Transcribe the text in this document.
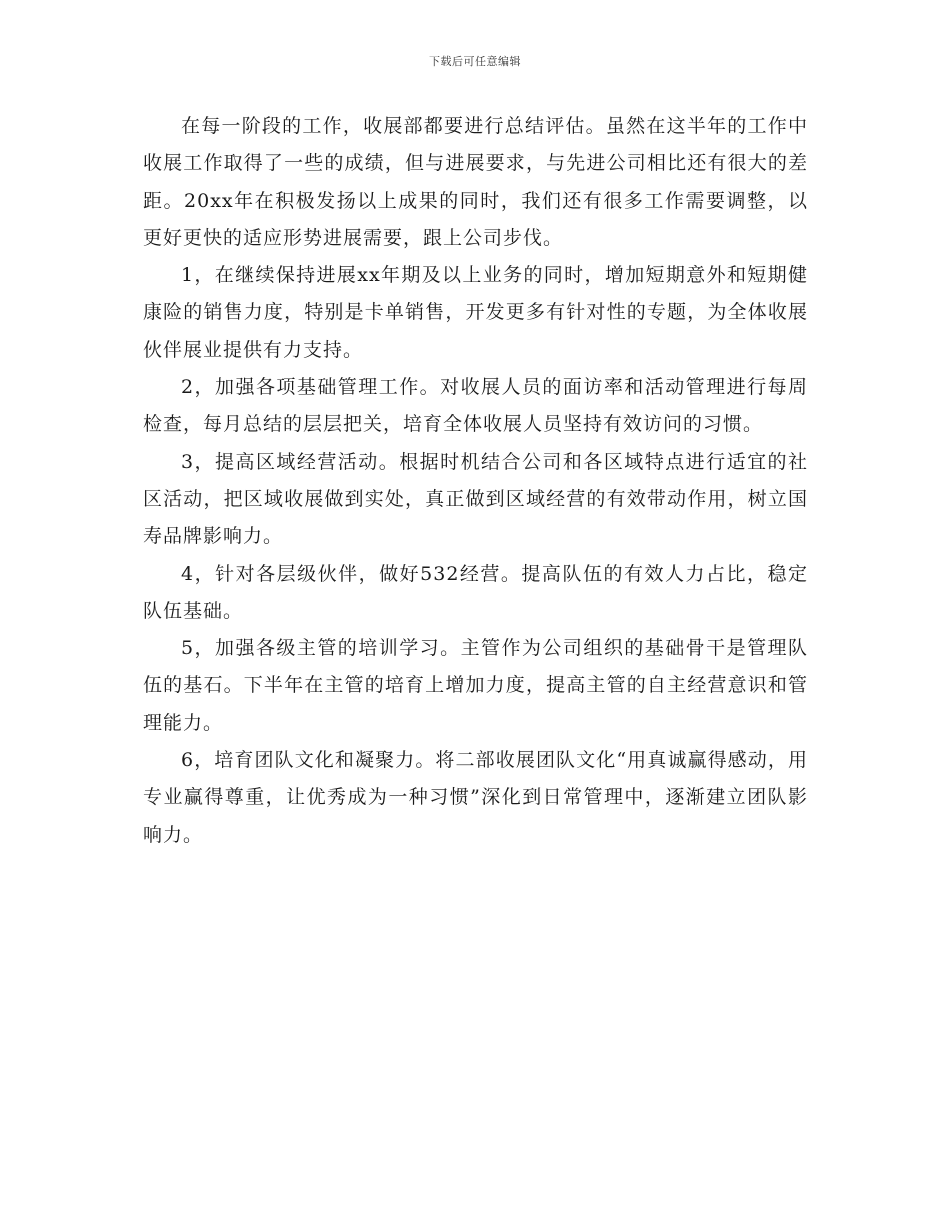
下载后可任意编辑

在每一阶段的工作，收展部都要进行总结评估。虽然在这半年的工作中收展工作取得了一些的成绩，但与进展要求，与先进公司相比还有很大的差距。20xx年在积极发扬以上成果的同时，我们还有很多工作需要调整，以更好更快的适应形势进展需要，跟上公司步伐。

1，在继续保持进展xx年期及以上业务的同时，增加短期意外和短期健康险的销售力度，特别是卡单销售，开发更多有针对性的专题，为全体收展伙伴展业提供有力支持。

2，加强各项基础管理工作。对收展人员的面访率和活动管理进行每周检查，每月总结的层层把关，培育全体收展人员坚持有效访问的习惯。

3，提高区域经营活动。根据时机结合公司和各区域特点进行适宜的社区活动，把区域收展做到实处，真正做到区域经营的有效带动作用，树立国寿品牌影响力。

4，针对各层级伙伴，做好532经营。提高队伍的有效人力占比，稳定队伍基础。

5，加强各级主管的培训学习。主管作为公司组织的基础骨干是管理队伍的基石。下半年在主管的培育上增加力度，提高主管的自主经营意识和管理能力。

6，培育团队文化和凝聚力。将二部收展团队文化“用真诚赢得感动，用专业赢得尊重，让优秀成为一种习惯”深化到日常管理中，逐渐建立团队影响力。
